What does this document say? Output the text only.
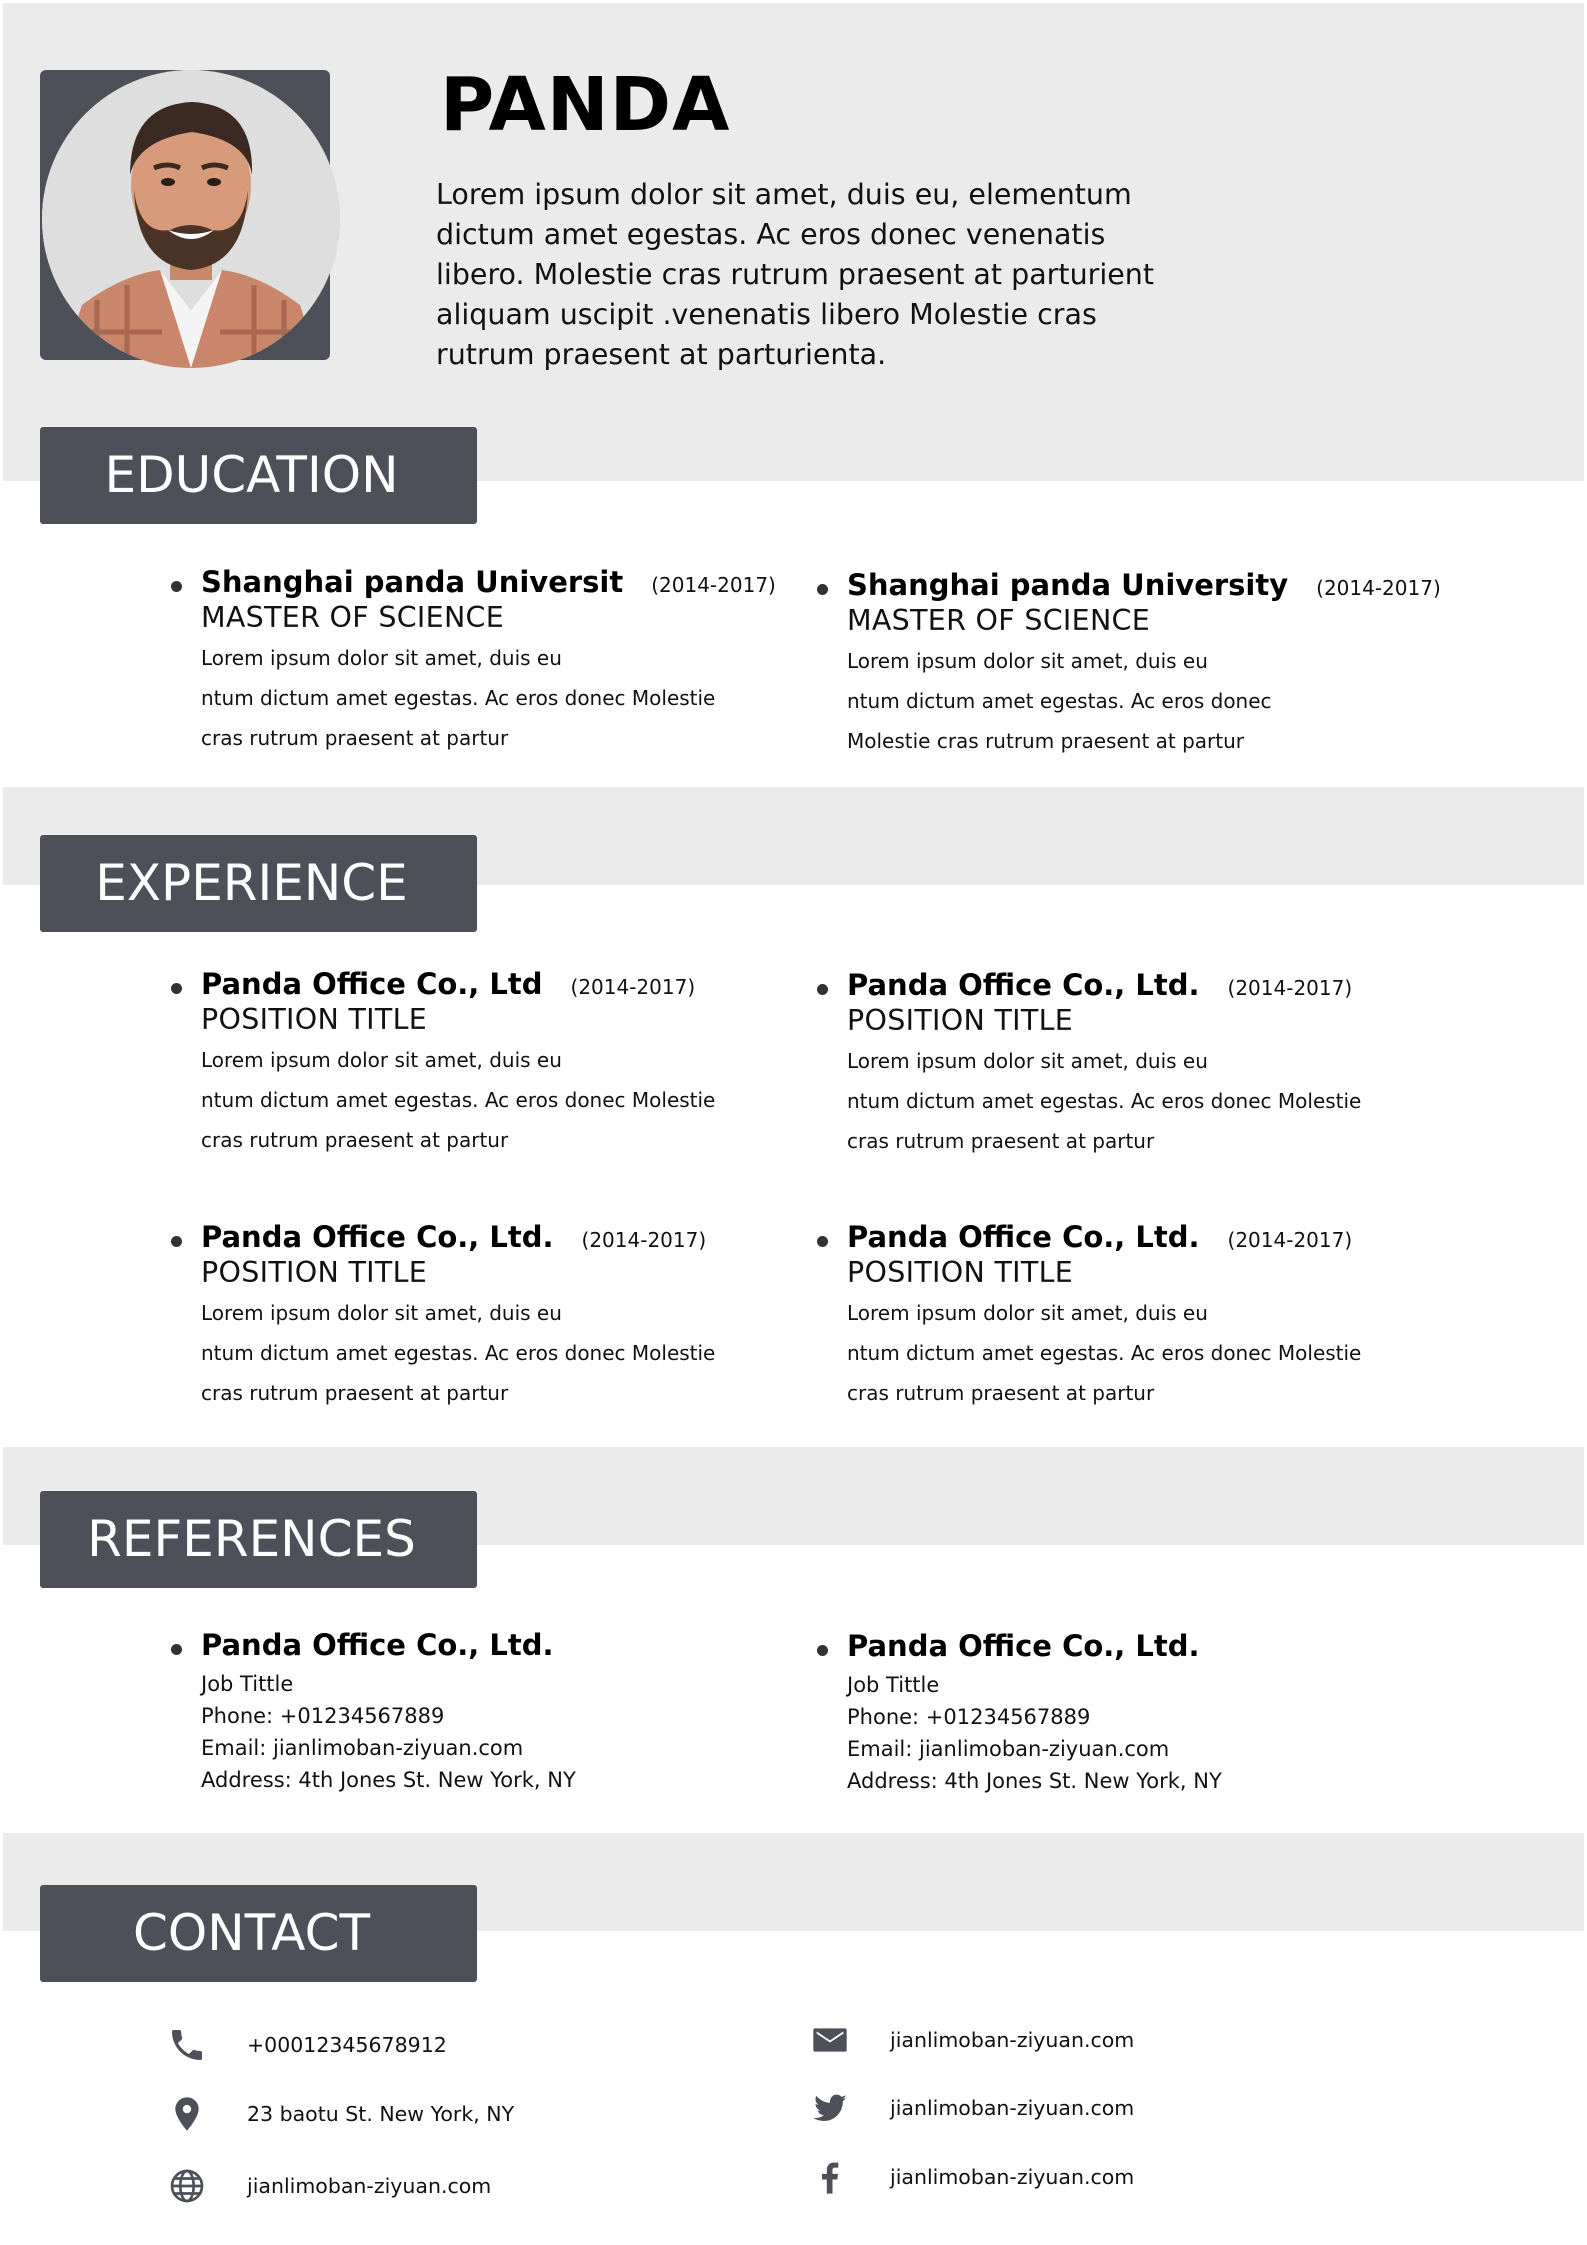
PANDA
Lorem ipsum dolor sit amet, duis eu, elementum dictum amet egestas. Ac eros donec venenatis libero. Molestie cras rutrum praesent at parturient aliquam uscipit .venenatis libero Molestie cras rutrum praesent at parturienta.
EDUCATION
Shanghai panda Universit (2014-2017)
MASTER OF SCIENCE
Lorem ipsum dolor sit amet, duis eu
ntum dictum amet egestas. Ac eros donec Molestie
cras rutrum praesent at partur
Shanghai panda University (2014-2017)
MASTER OF SCIENCE
Lorem ipsum dolor sit amet, duis eu
ntum dictum amet egestas. Ac eros donec
Molestie cras rutrum praesent at partur
EXPERIENCE
Panda Office Co., Ltd (2014-2017)
POSITION TITLE
Lorem ipsum dolor sit amet, duis eu
ntum dictum amet egestas. Ac eros donec Molestie
cras rutrum praesent at partur
Panda Office Co., Ltd. (2014-2017)
POSITION TITLE
Lorem ipsum dolor sit amet, duis eu
ntum dictum amet egestas. Ac eros donec Molestie
cras rutrum praesent at partur
Panda Office Co., Ltd. (2014-2017)
POSITION TITLE
Lorem ipsum dolor sit amet, duis eu
ntum dictum amet egestas. Ac eros donec Molestie
cras rutrum praesent at partur
Panda Office Co., Ltd. (2014-2017)
POSITION TITLE
Lorem ipsum dolor sit amet, duis eu
ntum dictum amet egestas. Ac eros donec Molestie
cras rutrum praesent at partur
REFERENCES
Panda Office Co., Ltd.
Job Tittle
Phone: +01234567889
Email: jianlimoban-ziyuan.com
Address: 4th Jones St. New York, NY
Panda Office Co., Ltd.
Job Tittle
Phone: +01234567889
Email: jianlimoban-ziyuan.com
Address: 4th Jones St. New York, NY
CONTACT
+00012345678912
23 baotu St. New York, NY
jianlimoban-ziyuan.com
jianlimoban-ziyuan.com
jianlimoban-ziyuan.com
jianlimoban-ziyuan.com
